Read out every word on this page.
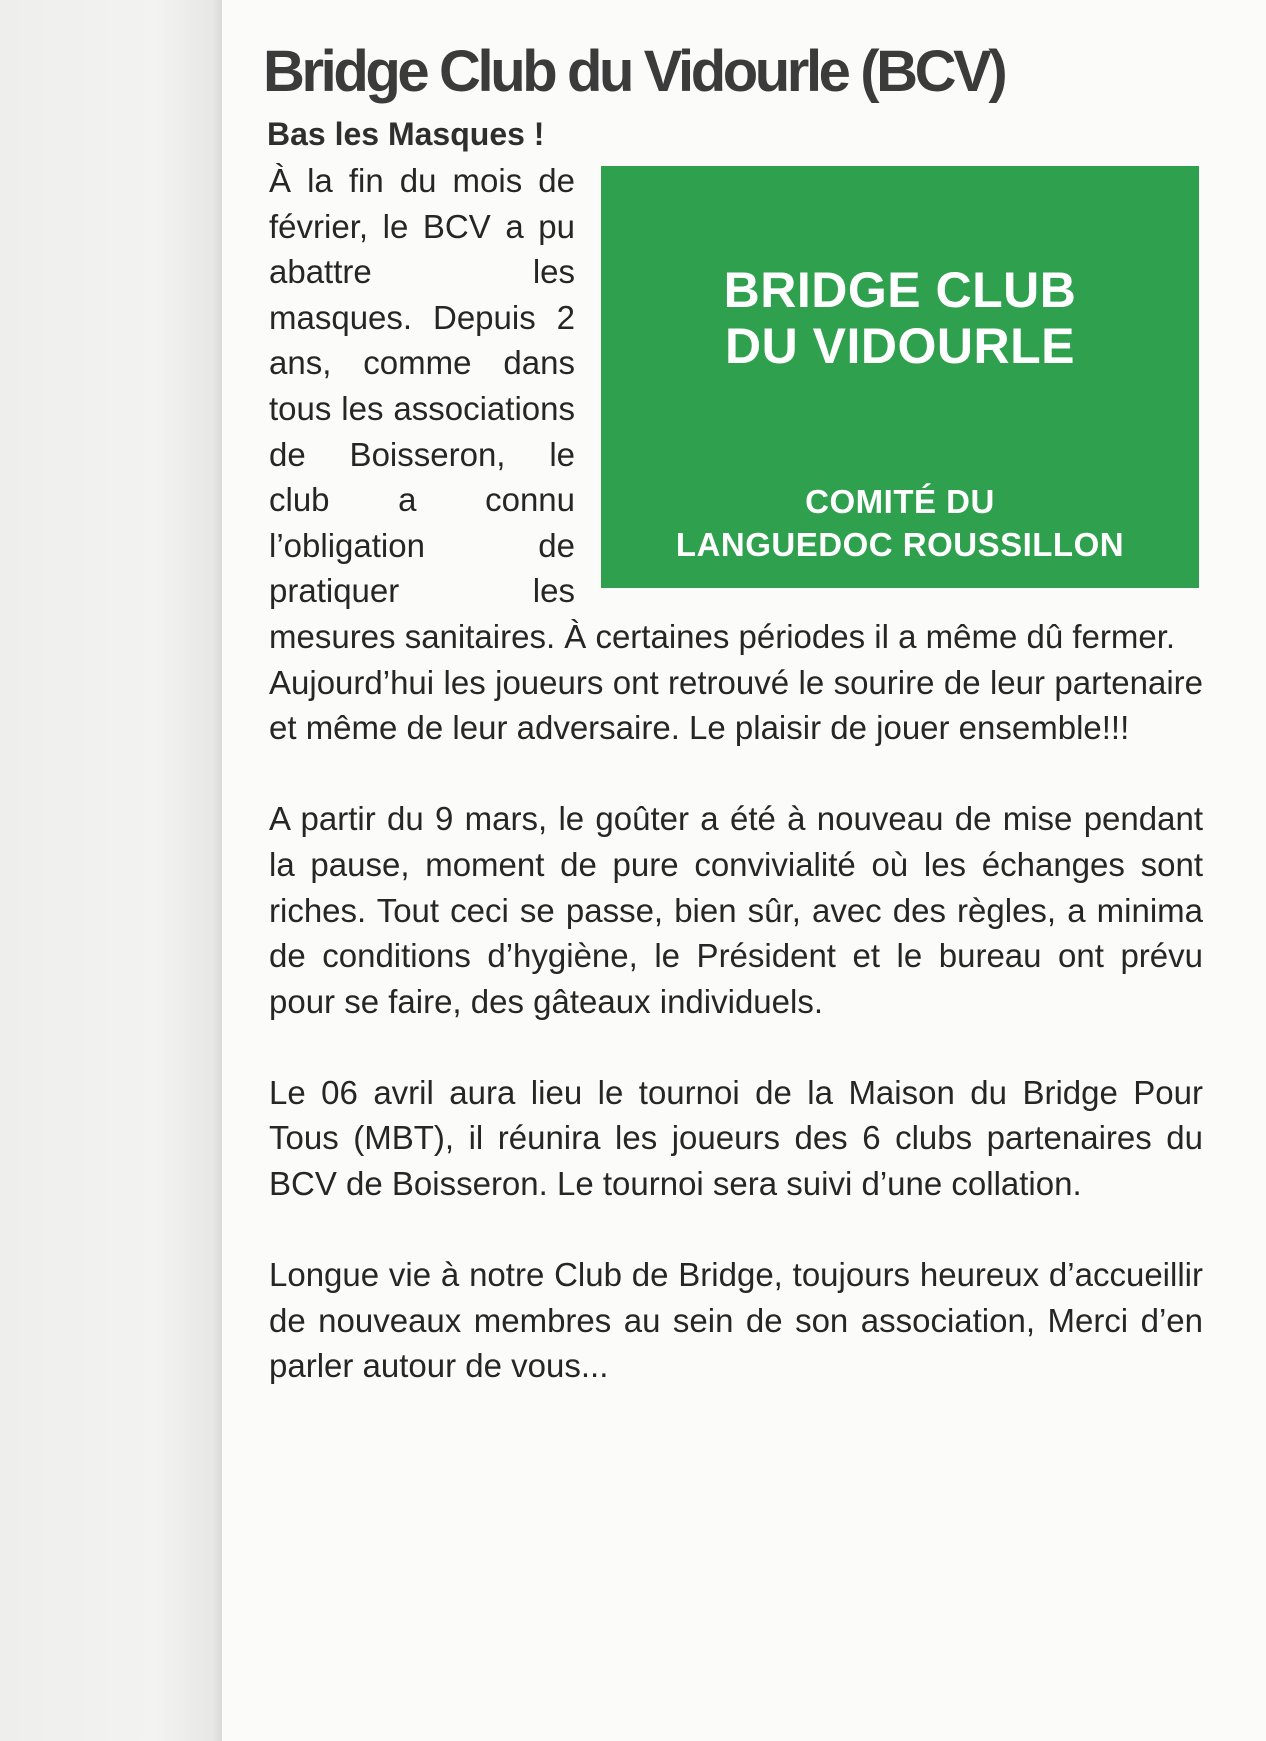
Bridge Club du Vidourle (BCV)
Bas les Masques !
BRIDGE CLUB
DU VIDOURLE
COMITÉ DU
LANGUEDOC ROUSSILLON

À la fin du mois de février, le BCV a pu abattre les masques. Depuis 2 ans, comme dans tous les associations de Boisseron, le club a connu l’obligation de pratiquer les mesures sanitaires. À certaines périodes il a même dû fermer.

Aujourd’hui les joueurs ont retrouvé le sourire de leur partenaire et même de leur adversaire. Le plaisir de jouer ensemble!!!

A partir du 9 mars, le goûter a été à nouveau de mise pendant la pause, moment de pure convivialité où les échanges sont riches. Tout ceci se passe, bien sûr, avec des règles, a minima de conditions d’hygiène, le Président et le bureau ont prévu pour se faire, des gâteaux individuels.

Le 06 avril aura lieu le tournoi de la Maison du Bridge Pour Tous (MBT), il réunira les joueurs des 6 clubs partenaires du BCV de Boisseron. Le tournoi sera suivi d’une collation.

Longue vie à notre Club de Bridge, toujours heureux d’accueillir de nouveaux membres au sein de son association, Merci d’en parler autour de vous...
